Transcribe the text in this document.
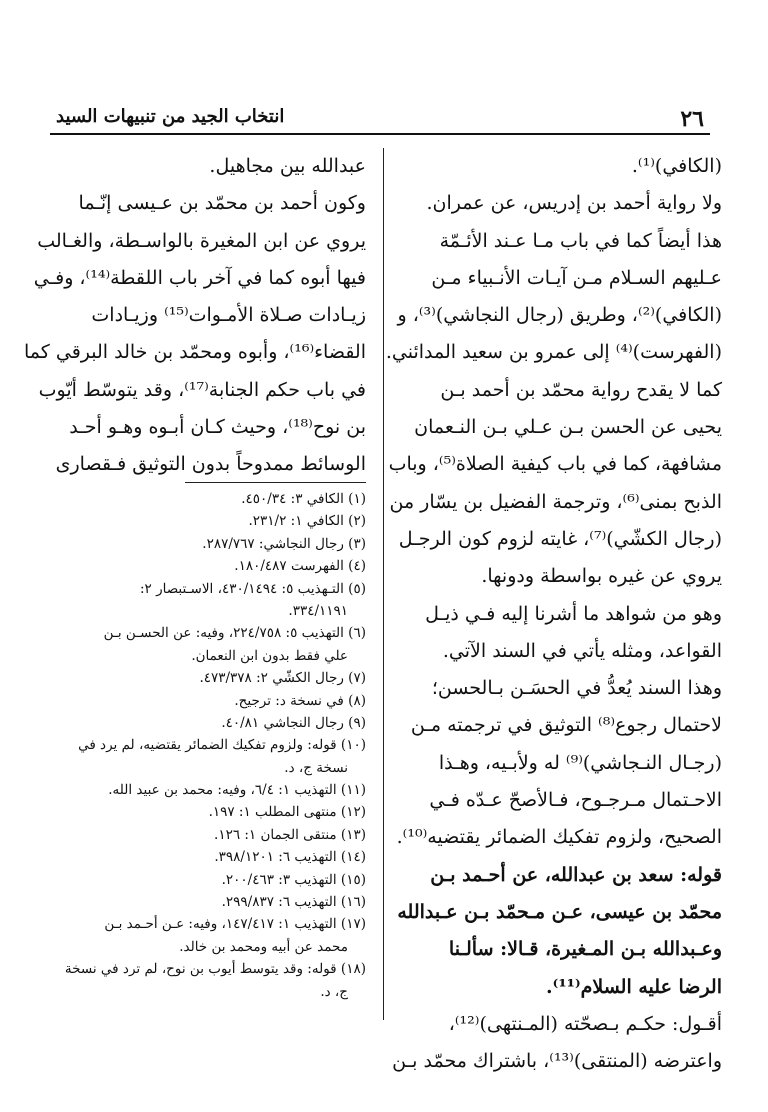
٢٦
انتخاب الجيد من تنبيهات السيد
(الكافي)⁽¹⁾.
ولا رواية أحمد بن إدريس، عن عمران.
هذا أيضاً كما في باب مـا عـند الأئـمّة
عـليهم السـلام مـن آيـات الأنـبياء مـن
(الكافي)⁽²⁾، وطريق (رجال النجاشي)⁽³⁾، و
(الفهرست)⁽⁴⁾ إلى عمرو بن سعيد المدائني.
كما لا يقدح رواية محمّد بن أحمد بـن
يحيى عن الحسن بـن عـلي بـن النـعمان
مشافهة، كما في باب كيفية الصلاة⁽⁵⁾، وباب
الذبح بمنى⁽⁶⁾، وترجمة الفضيل بن يسّار من
(رجال الكشّي)⁽⁷⁾، غايته لزوم كون الرجـل
يروي عن غيره بواسطة ودونها.
وهو من شواهد ما أشرنا إليه فـي ذيـل
القواعد، ومثله يأتي في السند الآتي.
وهذا السند يُعدُّ في الحسَـن بـالحسن؛
لاحتمال رجوع⁽⁸⁾ التوثيق في ترجمته مـن
(رجـال النـجاشي)⁽⁹⁾ له ولأبـيه، وهـذا
الاحـتمال مـرجـوح، فـالأصحّ عـدّه فـي
الصحيح، ولزوم تفكيك الضمائر يقتضيه⁽¹⁰⁾.
قوله: سعد بن عبدالله، عن أحـمد بـن
محمّد بن عيسى، عـن مـحمّد بـن عـبدالله
وعـبدالله بـن المـغيرة، قـالا: سألـنا
الرضا عليه السلام⁽¹¹⁾.
أقـول: حكـم بـصحّته (المـنتهى)⁽¹²⁾،
واعترضه (المنتقى)⁽¹³⁾، باشتراك محمّد بـن
عبدالله بين مجاهيل.
وكون أحمد بن محمّد بن عـيسى إنّـما
يروي عن ابن المغيرة بالواسـطة، والغـالب
فيها أبوه كما في آخر باب اللقطة⁽¹⁴⁾، وفـي
زيـادات صـلاة الأمـوات⁽¹⁵⁾ وزيـادات
القضاء⁽¹⁶⁾، وأبوه ومحمّد بن خالد البرقي كما
في باب حكم الجنابة⁽¹⁷⁾، وقد يتوسّط أيّوب
بن نوح⁽¹⁸⁾، وحيث كـان أبـوه وهـو أحـد
الوسائط ممدوحاً بدون التوثيق فـقصارى
(١) الكافي ٣: ٤٥٠/٣٤.
(٢) الكافي ١: ٢٣١/٢.
(٣) رجال النجاشي: ٢٨٧/٧٦٧.
(٤) الفهرست ١٨٠/٤٨٧.
(٥) التـهذيب ٥: ٤٣٠/١٤٩٤، الاسـتبصار ٢:
٣٣٤/١١٩١.
(٦) التهذيب ٥: ٢٢٤/٧٥٨، وفيه: عن الحسـن بـن
علي فقط بدون ابن النعمان.
(٧) رجال الكشّي ٢: ٤٧٣/٣٧٨.
(٨) في نسخة د: ترجيح.
(٩) رجال النجاشي ٤٠/٨١.
(١٠) قوله: ولزوم تفكيك الضمائر يقتضيه، لم يرد في
نسخة ج، د.
(١١) التهذيب ١: ٦/٤، وفيه: محمد بن عبيد الله.
(١٢) منتهى المطلب ١: ١٩٧.
(١٣) منتقى الجمان ١: ١٢٦.
(١٤) التهذيب ٦: ٣٩٨/١٢٠١.
(١٥) التهذيب ٣: ٢٠٠/٤٦٣.
(١٦) التهذيب ٦: ٢٩٩/٨٣٧.
(١٧) التهذيب ١: ١٤٧/٤١٧، وفيه: عـن أحـمد بـن
محمد عن أبيه ومحمد بن خالد.
(١٨) قوله: وقد يتوسط أيوب بن نوح، لم ترد في نسخة
ج، د.
